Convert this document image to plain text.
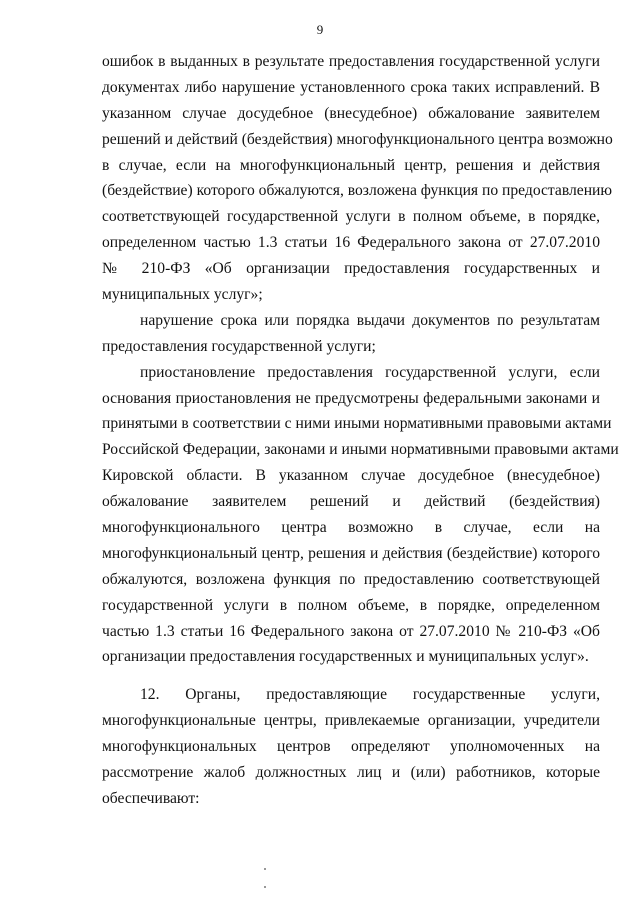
9
ошибок в выданных в результате предоставления государственной услуги
документах либо нарушение установленного срока таких исправлений. В
указанном случае досудебное (внесудебное) обжалование заявителем
решений и действий (бездействия) многофункционального центра возможно
в случае, если на многофункциональный центр, решения и действия
(бездействие) которого обжалуются, возложена функция по предоставлению
соответствующей государственной услуги в полном объеме, в порядке,
определенном частью 1.3 статьи 16 Федерального закона от 27.07.2010
№ 210-ФЗ «Об организации предоставления государственных и
муниципальных услуг»;
нарушение срока или порядка выдачи документов по результатам
предоставления государственной услуги;
приостановление предоставления государственной услуги, если
основания приостановления не предусмотрены федеральными законами и
принятыми в соответствии с ними иными нормативными правовыми актами
Российской Федерации, законами и иными нормативными правовыми актами
Кировской области. В указанном случае досудебное (внесудебное)
обжалование заявителем решений и действий (бездействия)
многофункционального центра возможно в случае, если на
многофункциональный центр, решения и действия (бездействие) которого
обжалуются, возложена функция по предоставлению соответствующей
государственной услуги в полном объеме, в порядке, определенном
частью 1.3 статьи 16 Федерального закона от 27.07.2010 № 210-ФЗ «Об
организации предоставления государственных и муниципальных услуг».
12. Органы, предоставляющие государственные услуги,
многофункциональные центры, привлекаемые организации, учредители
многофункциональных центров определяют уполномоченных на
рассмотрение жалоб должностных лиц и (или) работников, которые
обеспечивают:
